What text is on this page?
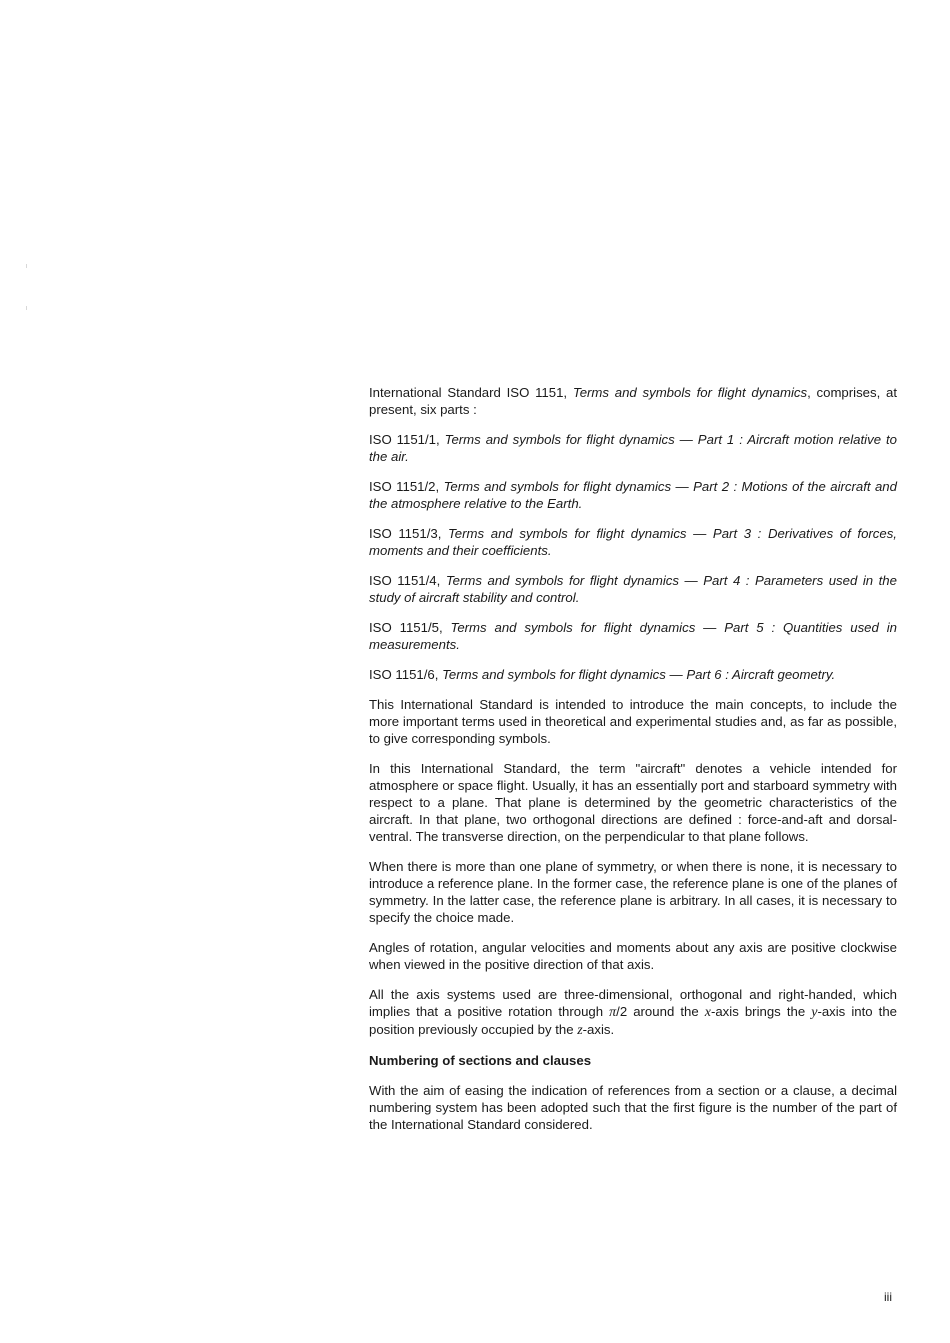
International Standard ISO 1151, Terms and symbols for flight dynamics, comprises, at present, six parts :

ISO 1151/1, Terms and symbols for flight dynamics — Part 1 : Aircraft motion relative to the air.

ISO 1151/2, Terms and symbols for flight dynamics — Part 2 : Motions of the aircraft and the atmosphere relative to the Earth.

ISO 1151/3, Terms and symbols for flight dynamics — Part 3 : Derivatives of forces, moments and their coefficients.

ISO 1151/4, Terms and symbols for flight dynamics — Part 4 : Parameters used in the study of aircraft stability and control.

ISO 1151/5, Terms and symbols for flight dynamics — Part 5 : Quantities used in measurements.

ISO 1151/6, Terms and symbols for flight dynamics — Part 6 : Aircraft geometry.

This International Standard is intended to introduce the main concepts, to include the more important terms used in theoretical and experimental studies and, as far as possible, to give corresponding symbols.

In this International Standard, the term "aircraft" denotes a vehicle intended for atmosphere or space flight. Usually, it has an essentially port and starboard symmetry with respect to a plane. That plane is determined by the geometric characteristics of the aircraft. In that plane, two orthogonal directions are defined : force-and-aft and dorsal-ventral. The transverse direction, on the perpendicular to that plane follows.

When there is more than one plane of symmetry, or when there is none, it is necessary to introduce a reference plane. In the former case, the reference plane is one of the planes of symmetry. In the latter case, the reference plane is arbitrary. In all cases, it is necessary to specify the choice made.

Angles of rotation, angular velocities and moments about any axis are positive clockwise when viewed in the positive direction of that axis.

All the axis systems used are three-dimensional, orthogonal and right-handed, which implies that a positive rotation through π/2 around the x-axis brings the y-axis into the position previously occupied by the z-axis.

Numbering of sections and clauses

With the aim of easing the indication of references from a section or a clause, a decimal numbering system has been adopted such that the first figure is the number of the part of the International Standard considered.

iii
